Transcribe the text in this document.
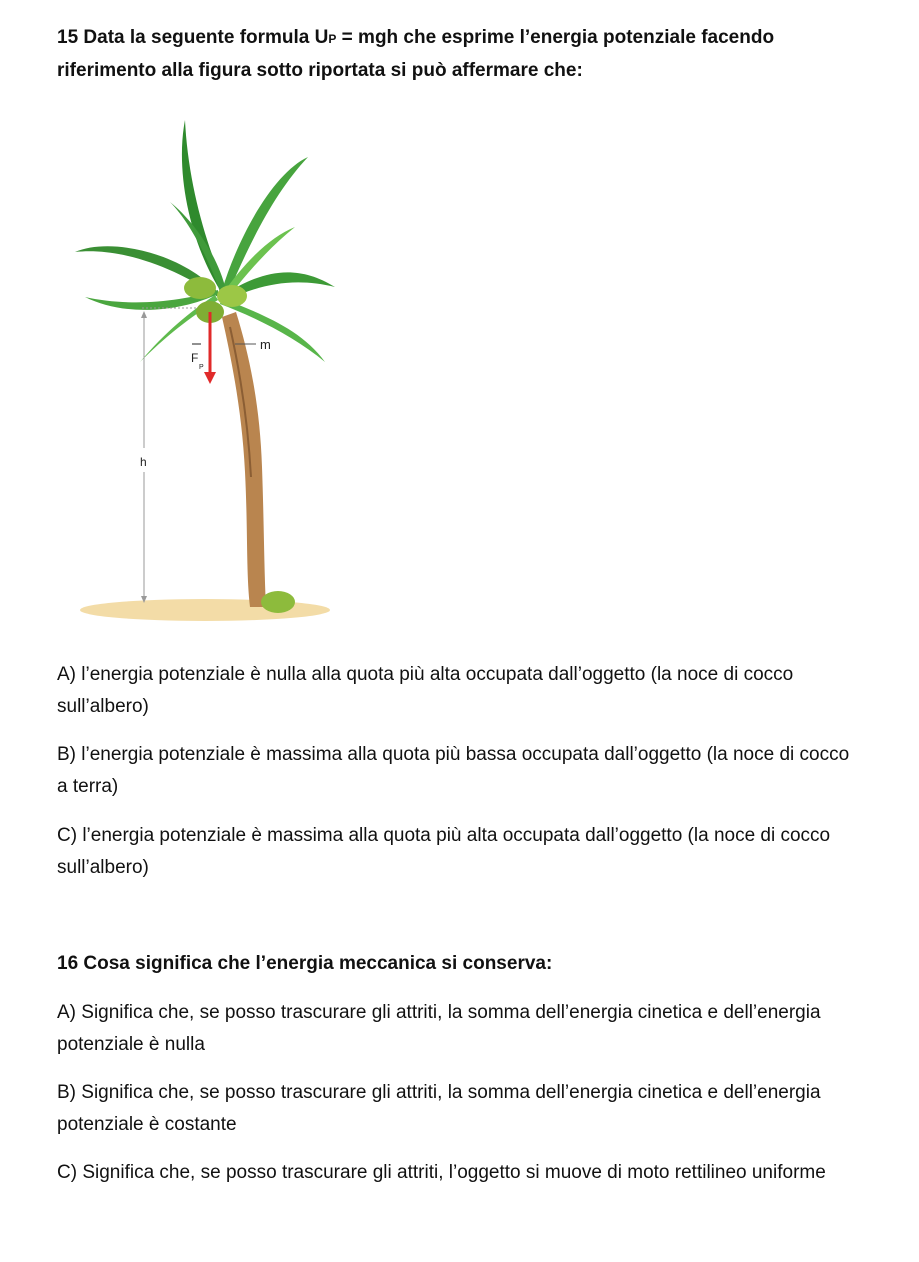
15 Data la seguente formula UP = mgh che esprime l’energia potenziale facendo riferimento alla figura sotto riportata si può affermare che:
m
F
P
h
A) l’energia potenziale è nulla alla quota più alta occupata dall’oggetto (la noce di cocco sull’albero)
B) l’energia potenziale è massima alla quota più bassa occupata dall’oggetto (la noce di cocco a terra)
C) l’energia potenziale è massima alla quota più alta occupata dall’oggetto (la noce di cocco sull’albero)
16 Cosa significa che l’energia meccanica si conserva:
A) Significa che, se posso trascurare gli attriti, la somma dell’energia cinetica e dell’energia potenziale è nulla
B) Significa che, se posso trascurare gli attriti, la somma dell’energia cinetica e dell’energia potenziale è costante
C) Significa che, se posso trascurare gli attriti, l’oggetto si muove di moto rettilineo uniforme
